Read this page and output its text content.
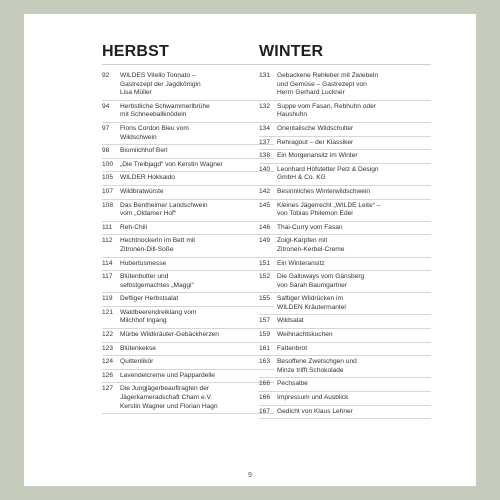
HERBST
92	WILDES Vitello Tonnato –
Gastrezept der Jagdkönigin
Lisa Müller
94	Herbstliche Schwammerlbrühe
mit Schneeballknödeln
97	Floris Cordon Bleu vom
Wildschwein
98	Biomilchhof Berl
100	„Die Treibjagd“ von Kerstin Wagner
105	WILDER Hokkaido
107	Wildbratwürste
108	Das Bentheimer Landschwein
vom „Oldamer Hof“
111	Reh-Chili
112	Hechtnockerln im Bett mit
Zitronen-Dill-Soße
114	Hubertusmesse
117	Blütenbutter und
selbstgemachtes „Maggi“
119	Deftiger Herbstsalat
121	Waldbeerendreiklang vom
Milchhof Ingang
122	Mürbe Wildkräuter-Gebäckherzen
123	Blütenkekse
124	Quittenlikör
126	Lavendelcreme und Pappardelle
127	Die Jungjägerbeauftragten der
Jägerkameradschaft Cham e.V.
Kerstin Wagner und Florian Hagn
WINTER
131	Gebackene Rehleber mit Zwiebeln
und Gemüse – Gastrezept von
Herrn Gerhard Luckner
132	Suppe vom Fasan, Rebhuhn oder
Haushuhn
134	Orientalische Wildschulter
137	Rehragout – der Klassiker
138	Ein Morgenansitz im Winter
140	Leonhard Höfstetter Pelz & Design
GmbH & Co. KG
142	Besinnliches Winterwildschwein
145	Kleines Jägerrecht „WILDE Leite“ –
von Tobias Philemon Edel
146	Thai-Curry vom Fasan
149	Zoigl-Karpfen mit
Zitronen-Kerbel-Creme
151	Ein Winteransitz
152	Die Galloways vom Gänsberg
von Sarah Baumgartner
155	Saftiger Wildrücken im
WILDEN Kräutermantel
157	Wildsalat
159	Weihnachtskuchen
161	Fattenbrot
163	Besoffene Zwetschgen und
Minze trifft Schokolade
166	Pechsalbe
166	Impressum und Ausblick
167	Gedicht von Klaus Lehner
9
